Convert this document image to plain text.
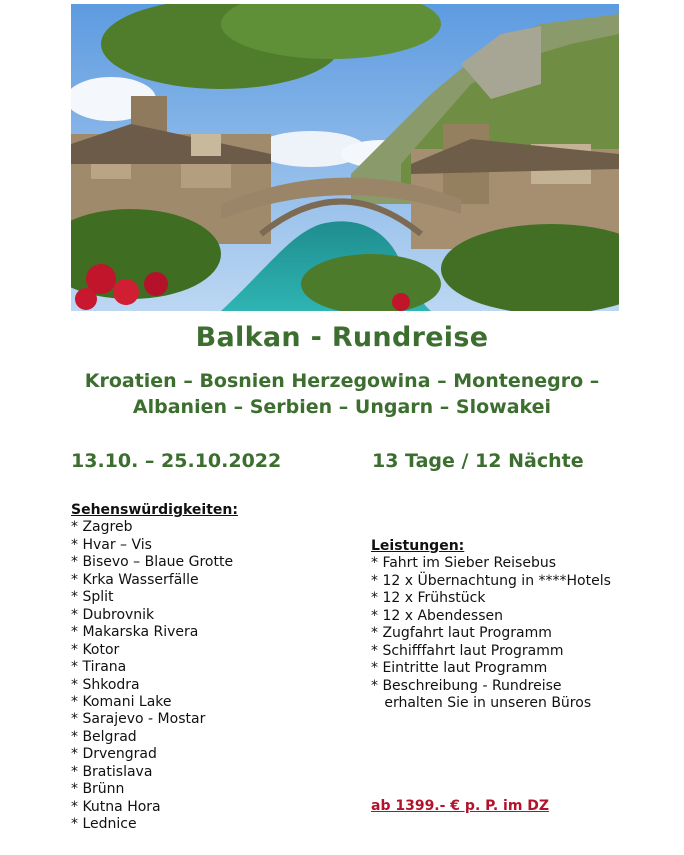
Balkan - Rundreise
Kroatien – Bosnien Herzegowina – Montenegro –
Albanien – Serbien – Ungarn – Slowakei
13.10. – 25.10.2022	13 Tage / 12 Nächte
Sehenswürdigkeiten:
* Zagreb
* Hvar – Vis
* Bisevo – Blaue Grotte
* Krka Wasserfälle
* Split
* Dubrovnik
* Makarska Rivera
* Kotor
* Tirana
* Shkodra
* Komani Lake
* Sarajevo - Mostar
* Belgrad
* Drvengrad
* Bratislava
* Brünn
* Kutna Hora
* Lednice
Leistungen:
* Fahrt im Sieber Reisebus
* 12 x Übernachtung in ****Hotels
* 12 x Frühstück
* 12 x Abendessen
* Zugfahrt laut Programm
* Schifffahrt laut Programm
* Eintritte laut Programm
* Beschreibung - Rundreise
erhalten Sie in unseren Büros
ab 1399.- € p. P. im DZ
